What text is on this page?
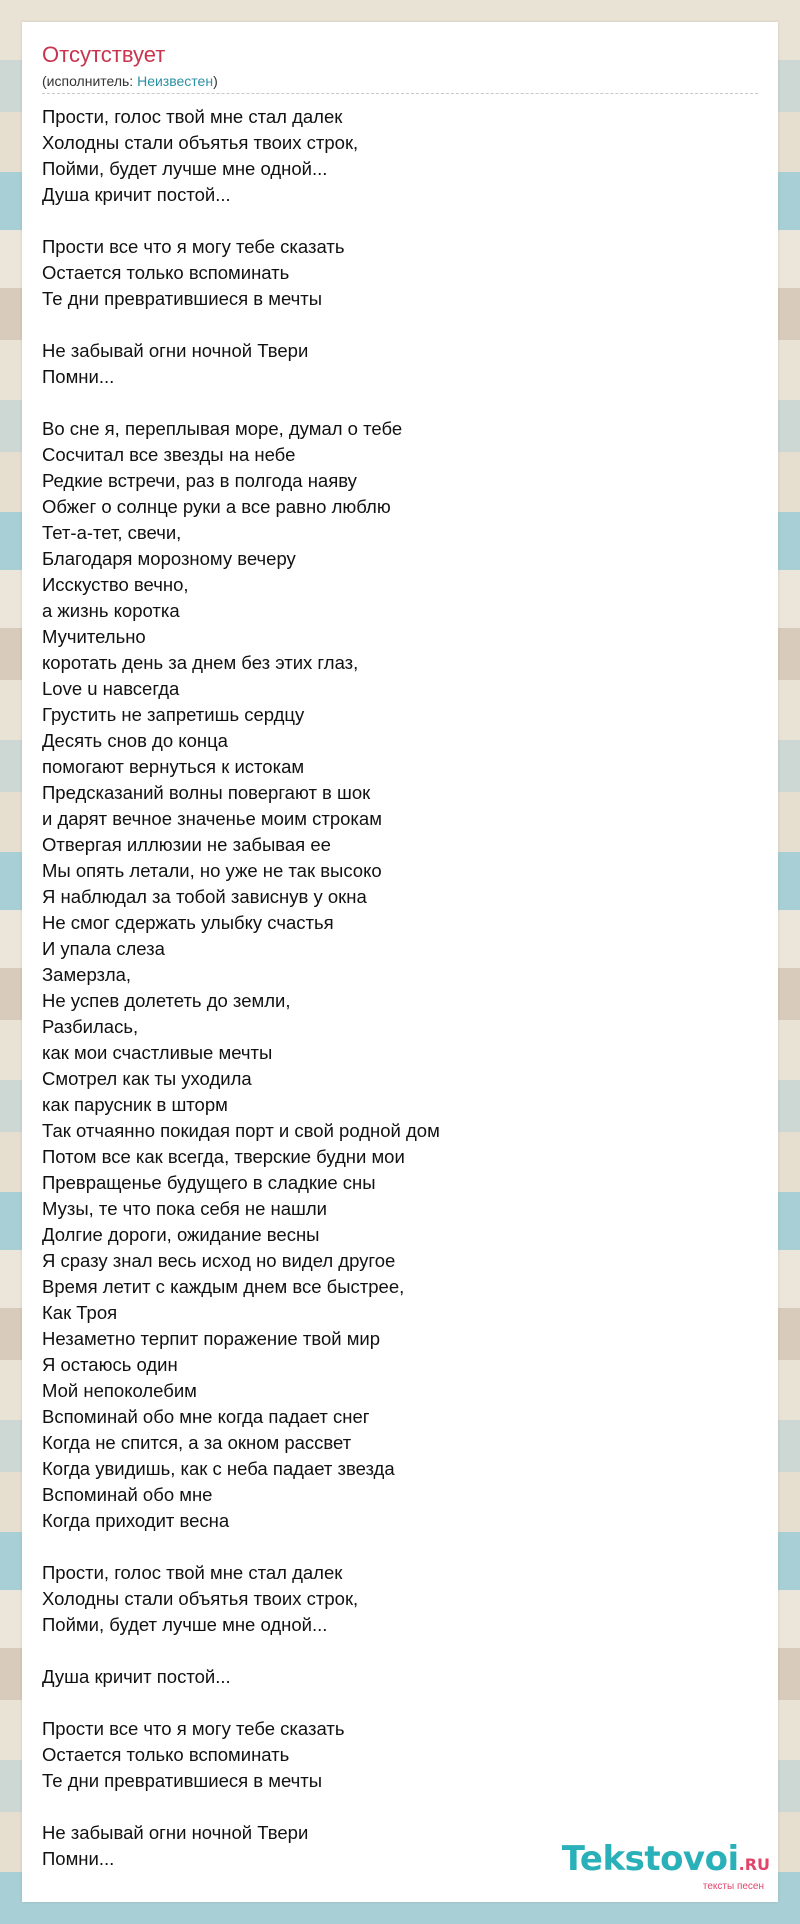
Отсутствует
(исполнитель: Неизвестен)
Прости, голос твой мне стал далек
Холодны стали объятья твоих строк,
Пойми, будет лучше мне одной...
Душа кричит постой...
Прости все что я могу тебе сказать
Остается только вспоминать
Те дни превратившиеся в мечты
Не забывай огни ночной Твери
Помни...
Во сне я, переплывая море, думал о тебе
Сосчитал все звезды на небе
Редкие встречи, раз в полгода наяву
Обжег о солнце руки а все равно люблю
Тет-а-тет, свечи,
Благодаря морозному вечеру
Исскуство вечно,
а жизнь коротка
Мучительно
коротать день за днем без этих глаз,
Love u навсегда
Грустить не запретишь сердцу
Десять снов до конца
помогают вернуться к истокам
Предсказаний волны повергают в шок
и дарят вечное значенье моим строкам
Отвергая иллюзии не забывая ее
Мы опять летали, но уже не так высоко
Я наблюдал за тобой зависнув у окна
Не смог сдержать улыбку счастья
И упала слеза
Замерзла,
Не успев долететь до земли,
Разбилась,
как мои счастливые мечты
Смотрел как ты уходила
как парусник в шторм
Так отчаянно покидая порт и свой родной дом
Потом все как всегда, тверские будни мои
Превращенье будущего в сладкие сны
Музы, те что пока себя не нашли
Долгие дороги, ожидание весны
Я сразу знал весь исход но видел другое
Время летит с каждым днем все быстрее,
Как Троя
Незаметно терпит поражение твой мир
Я остаюсь один
Мой непоколебим
Вспоминай обо мне когда падает снег
Когда не спится, а за окном рассвет
Когда увидишь, как с неба падает звезда
Вспоминай обо мне
Когда приходит весна
Прости, голос твой мне стал далек
Холодны стали объятья твоих строк,
Пойми, будет лучше мне одной...
Душа кричит постой...
Прости все что я могу тебе сказать
Остается только вспоминать
Те дни превратившиеся в мечты
Не забывай огни ночной Твери
Помни...	Tekstovoi.RU
тексты песен
